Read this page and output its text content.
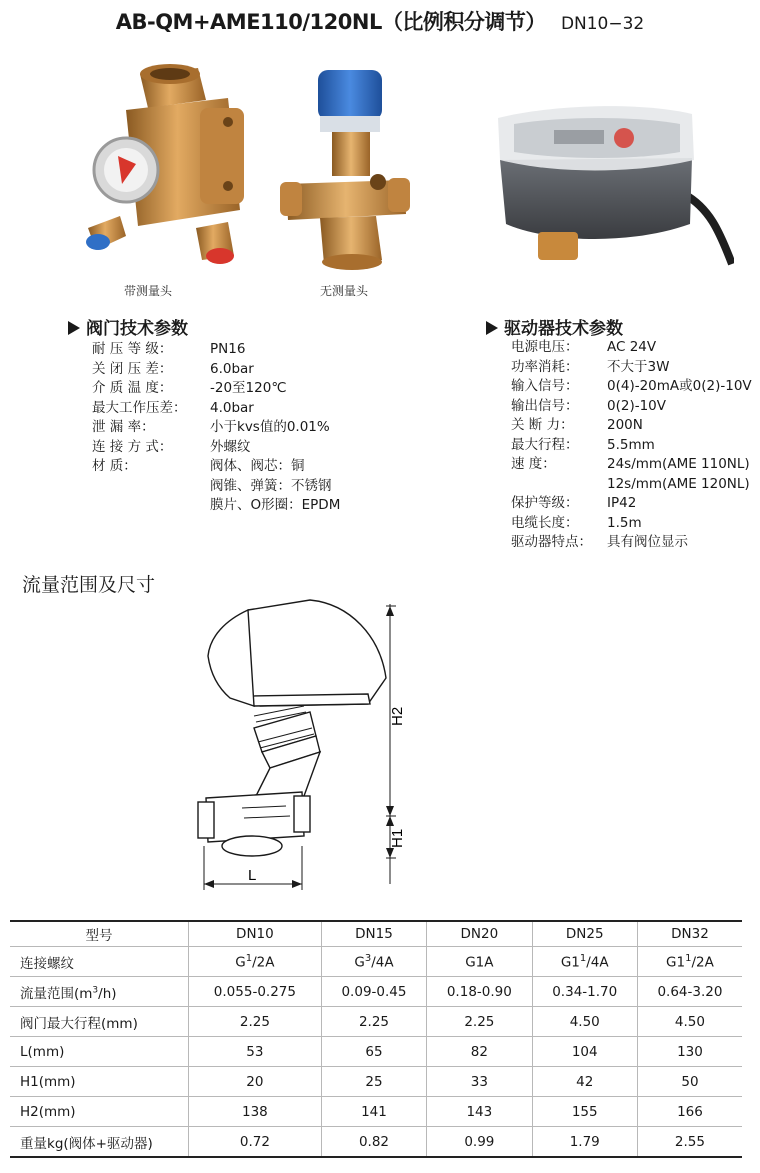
AB-QM+AME110/120NL（比例积分调节） DN10−32
带测量头	无测量头
阀门技术参数
耐 压 等 级：	PN16
关 闭 压 差：	6.0bar
介 质 温 度：	-20至120℃
最大工作压差：	4.0bar
泄 漏 率：	小于kvs值的0.01%
连 接 方 式：	外螺纹
材 质：	阀体、阀芯：铜
阀锥、弹簧：不锈钢
膜片、O形圈：EPDM
驱动器技术参数
电源电压：	AC 24V
功率消耗：	不大于3W
输入信号：	0(4)-20mA或0(2)-10V
输出信号：	0(2)-10V
关 断 力：	200N
最大行程：	5.5mm
速 度：	24s/mm(AME 110NL)
12s/mm(AME 120NL)
保护等级：	IP42
电缆长度：	1.5m
驱动器特点：	具有阀位显示
流量范围及尺寸
H2
H1
L
型号	DN10	DN15	DN20	DN25	DN32
连接螺纹	$G^1/2A$	$G^3/4A$	G1A	$G1^1/4A$	$G1^1/2A$
流量范围$(m^3/h)$	0.055-0.275	0.09-0.45	0.18-0.90	0.34-1.70	0.64-3.20
阀门最大行程(mm)	2.25	2.25	2.25	4.50	4.50
L(mm)	53	65	82	104	130
H1(mm)	20	25	33	42	50
H2(mm)	138	141	143	155	166
重量kg(阀体+驱动器)	0.72	0.82	0.99	1.79	2.55
